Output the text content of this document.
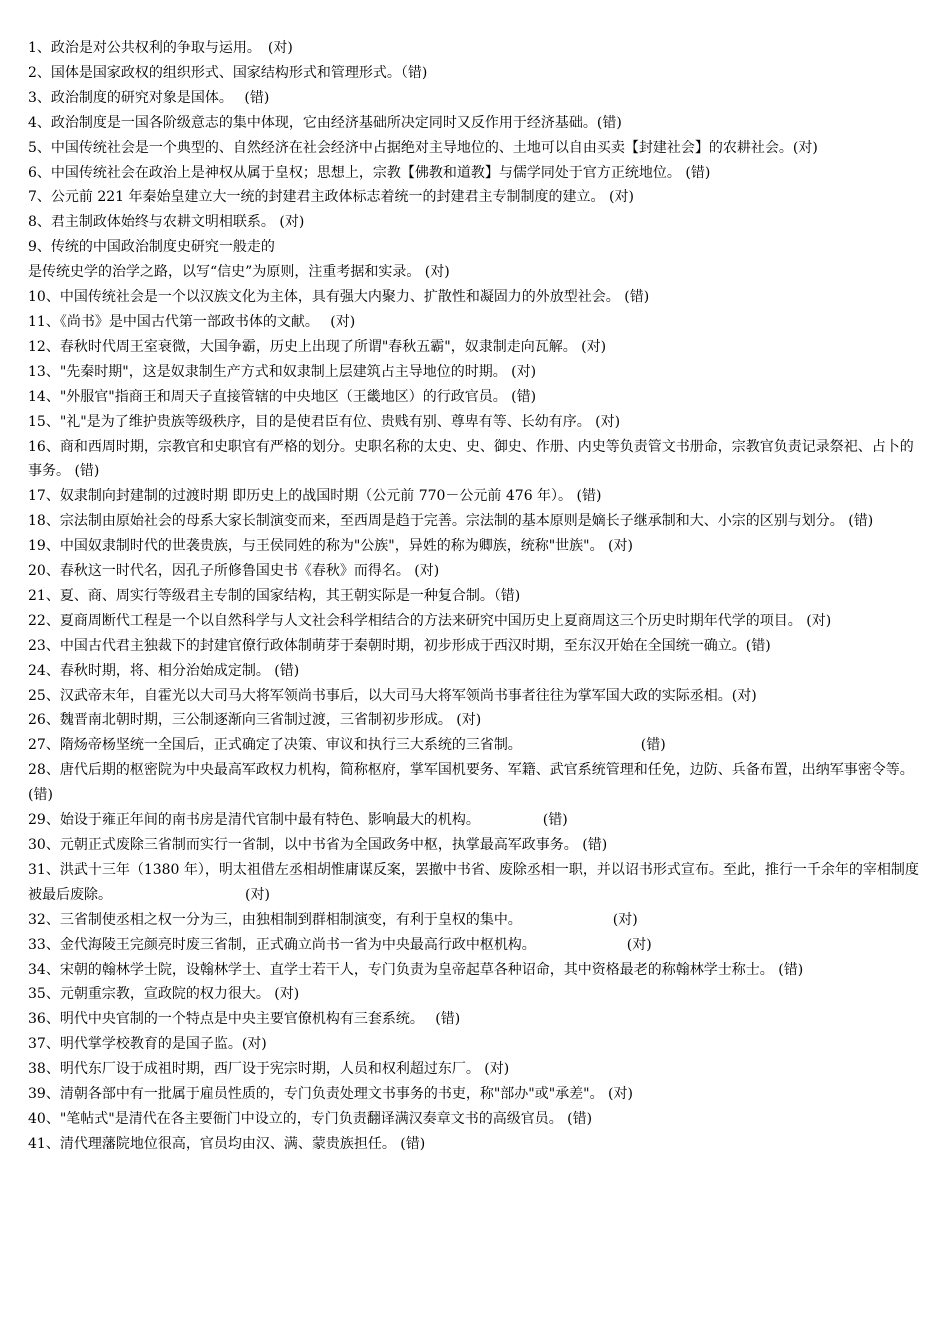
1、政治是对公共权利的争取与运用。　(对)

2、国体是国家政权的组织形式、国家结构形式和管理形式。（错)

3、政治制度的研究对象是国体。　 (错)

4、政治制度是一国各阶级意志的集中体现，它由经济基础所决定同时又反作用于经济基础。(错)

5、中国传统社会是一个典型的、自然经济在社会经济中占据绝对主导地位的、土地可以自由买卖【封建社会】的农耕社会。(对)

6、中国传统社会在政治上是神权从属于皇权；思想上，宗教【佛教和道教】与儒学同处于官方正统地位。 (错)

7、公元前 221 年秦始皇建立大一统的封建君主政体标志着统一的封建君主专制制度的建立。 (对)

8、君主制政体始终与农耕文明相联系。 (对)

9、传统的中国政治制度史研究一般走的
是传统史学的治学之路，以写“信史”为原则，注重考据和实录。 (对)

10、中国传统社会是一个以汉族文化为主体，具有强大内聚力、扩散性和凝固力的外放型社会。 (错)

11、《尚书》是中国古代第一部政书体的文献。　 (对)

12、春秋时代周王室衰微，大国争霸，历史上出现了所谓"春秋五霸"，奴隶制走向瓦解。 (对)

13、"先秦时期"，这是奴隶制生产方式和奴隶制上层建筑占主导地位的时期。 (对)

14、"外服官"指商王和周天子直接管辖的中央地区（王畿地区）的行政官员。 (错)

15、"礼"是为了维护贵族等级秩序，目的是使君臣有位、贵贱有别、尊卑有等、长幼有序。 (对)

16、商和西周时期，宗教官和史职官有严格的划分。史职名称的太史、史、御史、作册、内史等负责管文书册命，宗教官负责记录祭祀、占卜的事务。 (错)

17、奴隶制向封建制的过渡时期 即历史上的战国时期（公元前 770－公元前 476 年）。 (错)

18、宗法制由原始社会的母系大家长制演变而来，至西周是趋于完善。宗法制的基本原则是嫡长子继承制和大、小宗的区别与划分。 (错)

19、中国奴隶制时代的世袭贵族，与王侯同姓的称为"公族"，异姓的称为卿族，统称"世族"。 (对)

20、春秋这一时代名，因孔子所修鲁国史书《春秋》而得名。 (对)

21、夏、商、周实行等级君主专制的国家结构，其王朝实际是一种复合制。（错)

22、夏商周断代工程是一个以自然科学与人文社会科学相结合的方法来研究中国历史上夏商周这三个历史时期年代学的项目。 (对)

23、中国古代君主独裁下的封建官僚行政体制萌芽于秦朝时期，初步形成于西汉时期，至东汉开始在全国统一确立。(错)

24、春秋时期，将、相分治始成定制。 (错)

25、汉武帝末年，自霍光以大司马大将军领尚书事后，以大司马大将军领尚书事者往往为掌军国大政的实际丞相。(对)

26、魏晋南北朝时期，三公制逐渐向三省制过渡，三省制初步形成。 (对)

27、隋炀帝杨坚统一全国后，正式确定了决策、审议和执行三大系统的三省制。　　　　　　　　　(错)

28、唐代后期的枢密院为中央最高军政权力机构，简称枢府，掌军国机要务、军籍、武官系统管理和任免，边防、兵备布置，出纳军事密令等。 (错)

29、始设于雍正年间的南书房是清代官制中最有特色、影响最大的机构。　　　　　(错)

30、元朝正式废除三省制而实行一省制，以中书省为全国政务中枢，执掌最高军政事务。 (错)

31、洪武十三年（1380 年），明太祖借左丞相胡惟庸谋反案，罢撤中书省、废除丞相一职，并以诏书形式宣布。至此，推行一千余年的宰相制度被最后废除。　　　　　　　　　　(对)

32、三省制使丞相之权一分为三，由独相制到群相制演变，有利于皇权的集中。　　　　　　　(对)

33、金代海陵王完颜亮时废三省制，正式确立尚书一省为中央最高行政中枢机构。　　　　　　　(对)

34、宋朝的翰林学士院，设翰林学士、直学士若干人，专门负责为皇帝起草各种诏命，其中资格最老的称翰林学士称士。 (错)

35、元朝重宗教，宣政院的权力很大。 (对)

36、明代中央官制的一个特点是中央主要官僚机构有三套系统。　 (错)

37、明代掌学校教育的是国子监。(对)

38、明代东厂设于成祖时期，西厂设于宪宗时期，人员和权利超过东厂。 (对)

39、清朝各部中有一批属于雇员性质的，专门负责处理文书事务的书吏，称"部办"或"承差"。 (对)

40、"笔帖式"是清代在各主要衙门中设立的，专门负责翻译满汉奏章文书的高级官员。 (错)

41、清代理藩院地位很高，官员均由汉、满、蒙贵族担任。 (错)
